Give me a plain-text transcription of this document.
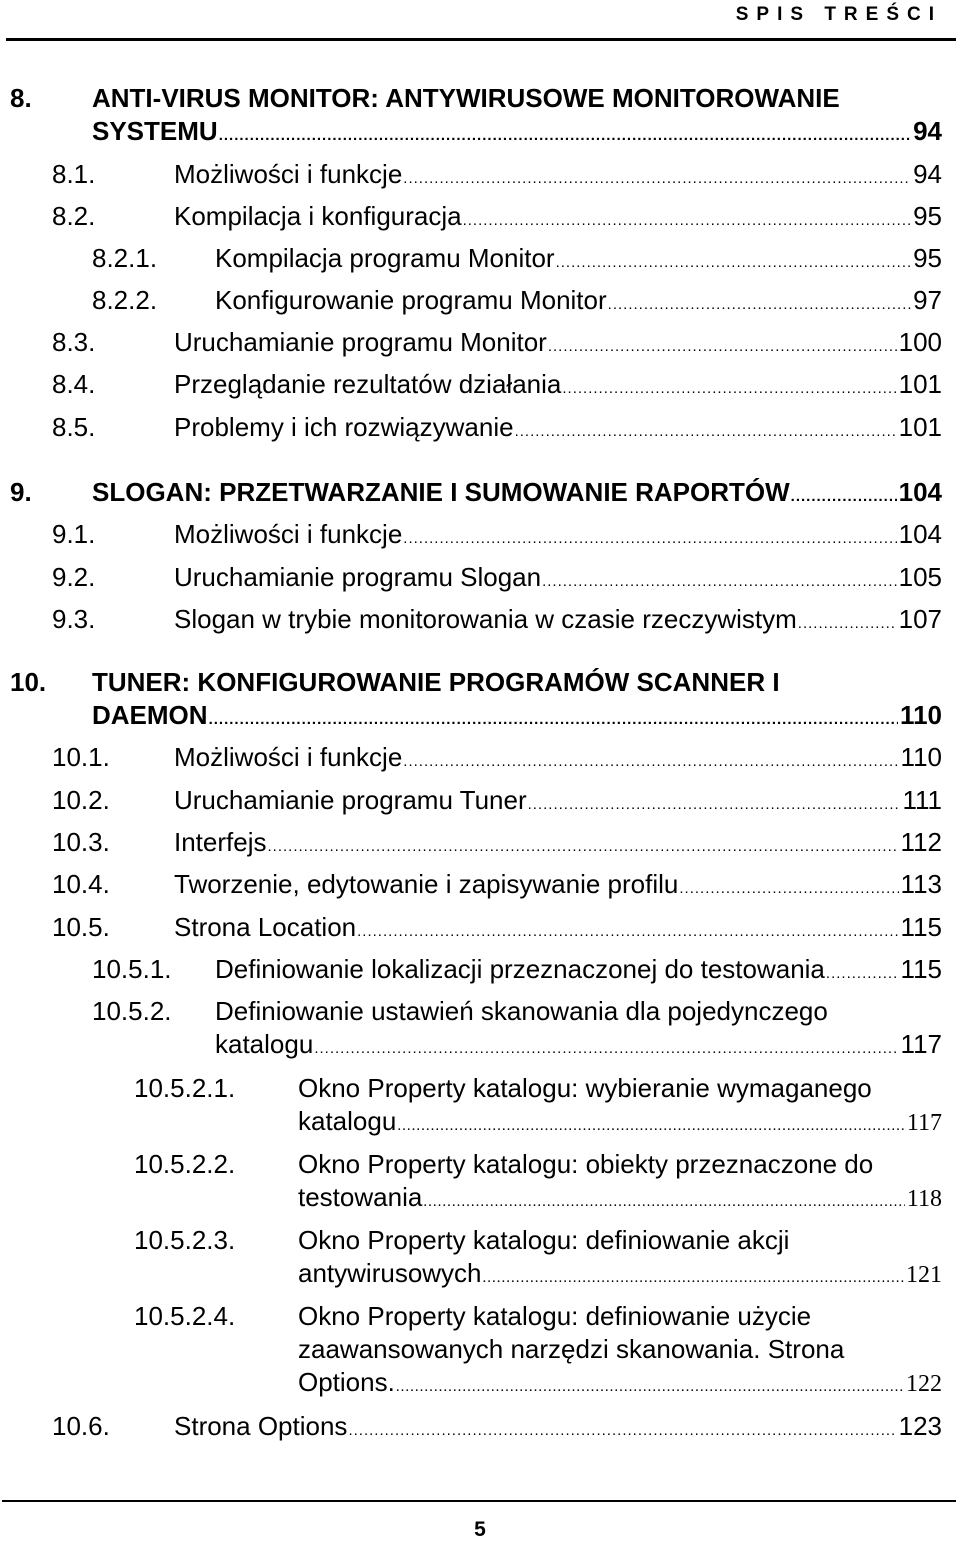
SPIS TREŚCI
8. ANTI-VIRUS MONITOR: ANTYWIRUSOWE MONITOROWANIE
SYSTEMU .....	94
8.1.	Możliwości i funkcje .....	94
8.2.	Kompilacja i konfiguracja .....	95
8.2.1. Kompilacja programu Monitor .....	95
8.2.2. Konfigurowanie programu Monitor .....	97
8.3.	Uruchamianie programu Monitor .....	100
8.4.	Przeglądanie rezultatów działania .....	101
8.5.	Problemy i ich rozwiązywanie .....	101
9. SLOGAN: PRZETWARZANIE I SUMOWANIE RAPORTÓW .....	104
9.1.	Możliwości i funkcje .....	104
9.2.	Uruchamianie programu Slogan .....	105
9.3.	Slogan w trybie monitorowania w czasie rzeczywistym .....	107
10. TUNER: KONFIGUROWANIE PROGRAMÓW SCANNER I
DAEMON .....	110
10.1. Możliwości i funkcje .....	110
10.2. Uruchamianie programu Tuner .....	111
10.3. Interfejs .....	112
10.4. Tworzenie, edytowanie i zapisywanie profilu .....	113
10.5. Strona Location .....	115
10.5.1. Definiowanie lokalizacji przeznaczonej do testowania .....	115
10.5.2. Definiowanie ustawień skanowania dla pojedynczego
katalogu .....	117
10.5.2.1. Okno Property katalogu: wybieranie wymaganego
katalogu .....	117
10.5.2.2. Okno Property katalogu: obiekty przeznaczone do
testowania .....	118
10.5.2.3. Okno Property katalogu: definiowanie akcji
antywirusowych .....	121
10.5.2.4. Okno Property katalogu: definiowanie użycie
zaawansowanych narzędzi skanowania. Strona
Options. .....	122
10.6. Strona Options .....	123
5
